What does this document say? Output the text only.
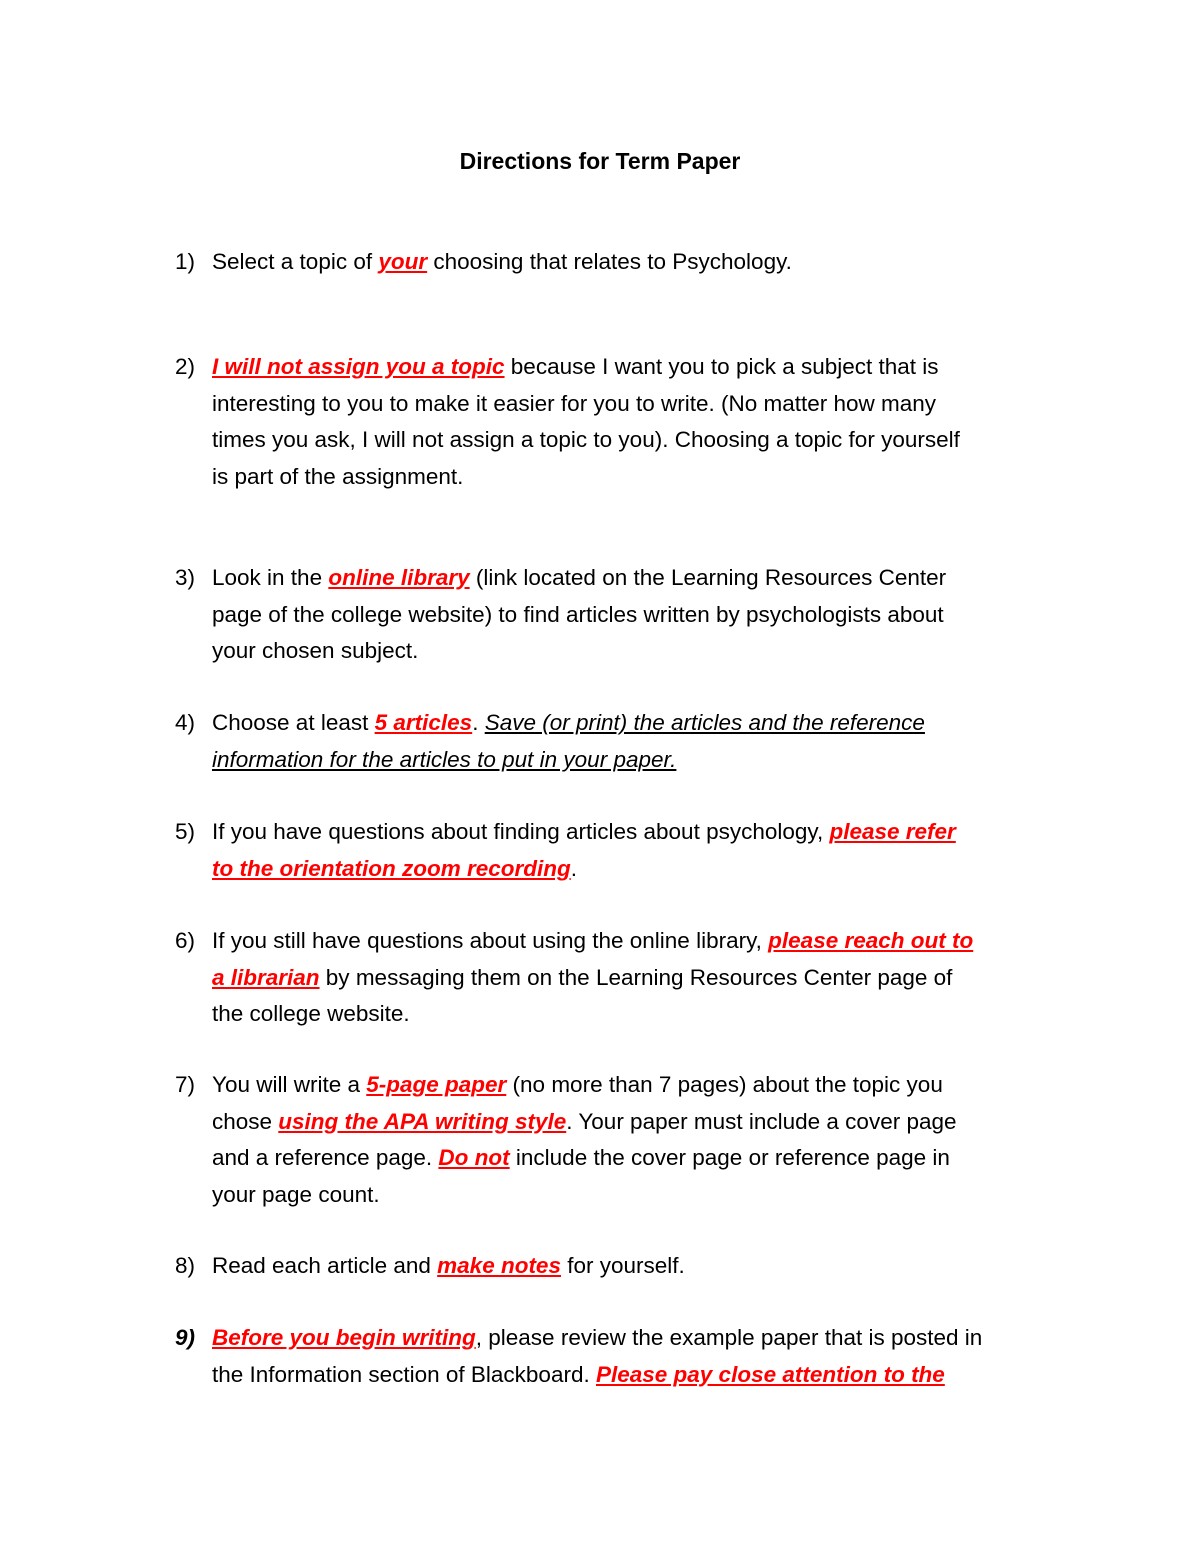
Directions for Term Paper
1) Select a topic of your choosing that relates to Psychology.
2) I will not assign you a topic because I want you to pick a subject that is
interesting to you to make it easier for you to write. (No matter how many
times you ask, I will not assign a topic to you). Choosing a topic for yourself
is part of the assignment.
3) Look in the online library (link located on the Learning Resources Center
page of the college website) to find articles written by psychologists about
your chosen subject.
4) Choose at least 5 articles. Save (or print) the articles and the reference
information for the articles to put in your paper.
5) If you have questions about finding articles about psychology, please refer
to the orientation zoom recording.
6) If you still have questions about using the online library, please reach out to
a librarian by messaging them on the Learning Resources Center page of
the college website.
7) You will write a 5-page paper (no more than 7 pages) about the topic you
chose using the APA writing style. Your paper must include a cover page
and a reference page. Do not include the cover page or reference page in
your page count.
8) Read each article and make notes for yourself.
9) Before you begin writing, please review the example paper that is posted in
the Information section of Blackboard. Please pay close attention to the
